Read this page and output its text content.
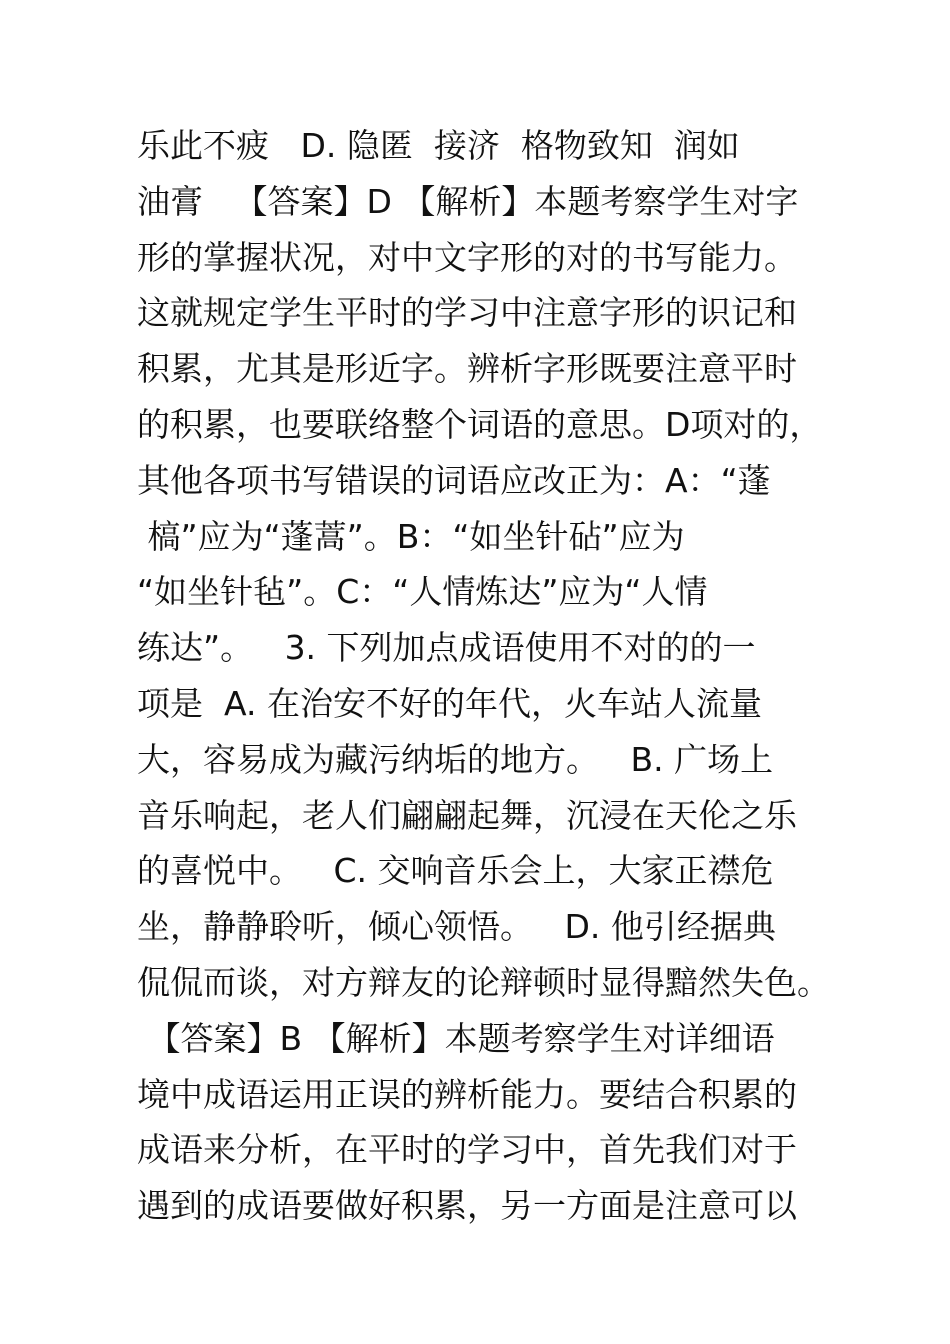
乐此不疲   D. 隐匿  接济  格物致知  润如
油膏   【答案】D 【解析】本题考察学生对字
形的掌握状况，对中文字形的对的书写能力。
这就规定学生平时的学习中注意字形的识记和
积累，尤其是形近字。辨析字形既要注意平时
的积累，也要联络整个词语的意思。D项对的，
其他各项书写错误的词语应改正为：A：“蓬
槁”应为“蓬蒿”。B：“如坐针砧”应为
“如坐针毡”。C：“人情炼达”应为“人情
练达”。   3. 下列加点成语使用不对的的一
项是  A. 在治安不好的年代，火车站人流量
大，容易成为藏污纳垢的地方。   B. 广场上
音乐响起，老人们翩翩起舞，沉浸在天伦之乐
的喜悦中。   C. 交响音乐会上，大家正襟危
坐，静静聆听，倾心领悟。   D. 他引经据典
侃侃而谈，对方辩友的论辩顿时显得黯然失色。
【答案】B 【解析】本题考察学生对详细语
境中成语运用正误的辨析能力。要结合积累的
成语来分析，在平时的学习中，首先我们对于
遇到的成语要做好积累，另一方面是注意可以
